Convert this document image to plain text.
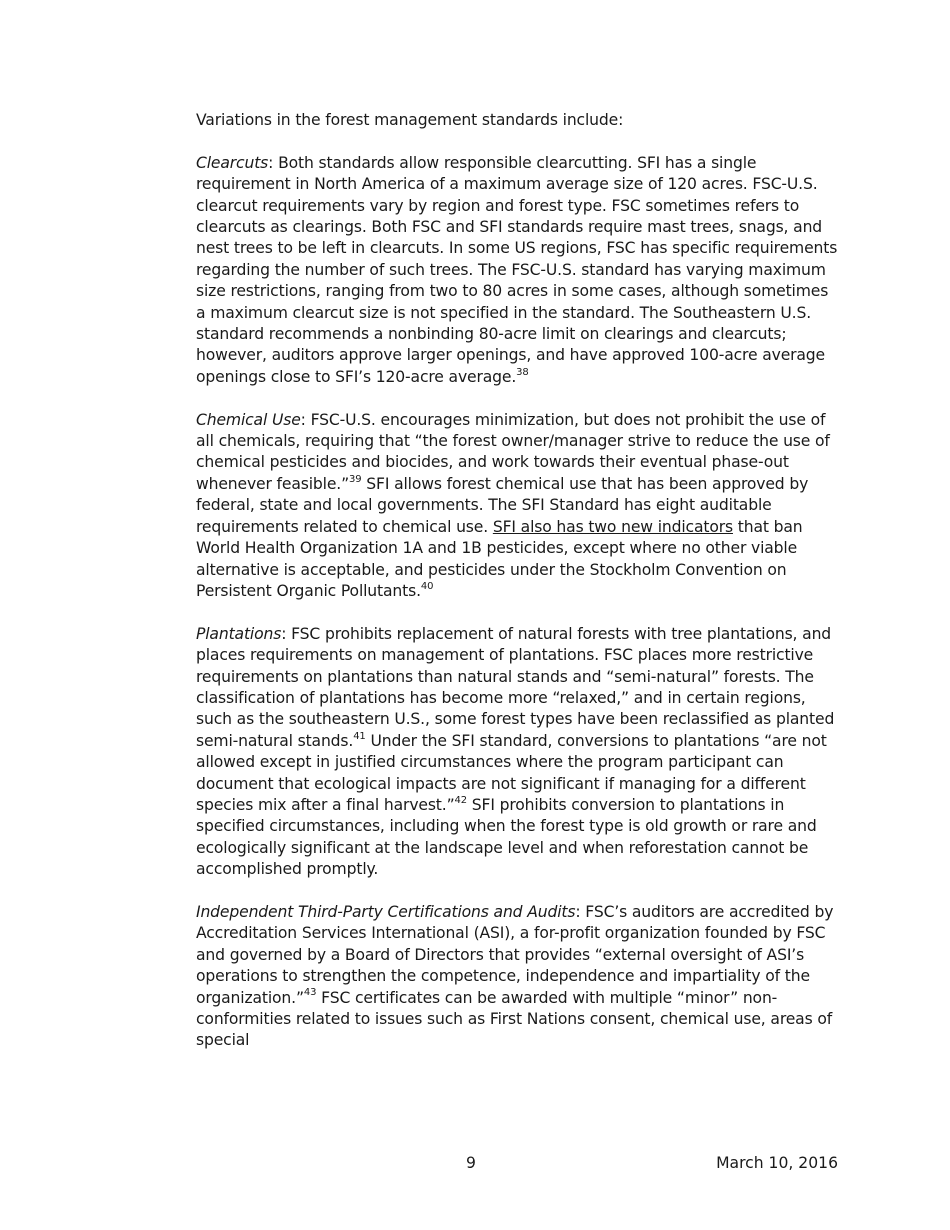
Variations in the forest management standards include:

Clearcuts: Both standards allow responsible clearcutting. SFI has a single requirement in North America of a maximum average size of 120 acres. FSC-U.S. clearcut requirements vary by region and forest type. FSC sometimes refers to clearcuts as clearings. Both FSC and SFI standards require mast trees, snags, and nest trees to be left in clearcuts. In some US regions, FSC has specific requirements regarding the number of such trees. The FSC-U.S. standard has varying maximum size restrictions, ranging from two to 80 acres in some cases, although sometimes a maximum clearcut size is not specified in the standard. The Southeastern U.S. standard recommends a nonbinding 80-acre limit on clearings and clearcuts; however, auditors approve larger openings, and have approved 100-acre average openings close to SFI’s 120-acre average.$^{38}$

Chemical Use: FSC-U.S. encourages minimization, but does not prohibit the use of all chemicals, requiring that “the forest owner/manager strive to reduce the use of chemical pesticides and biocides, and work towards their eventual phase-out whenever feasible.”$^{39}$ SFI allows forest chemical use that has been approved by federal, state and local governments. The SFI Standard has eight auditable requirements related to chemical use. SFI also has two new indicators that ban World Health Organization 1A and 1B pesticides, except where no other viable alternative is acceptable, and pesticides under the Stockholm Convention on Persistent Organic Pollutants.$^{40}$

Plantations: FSC prohibits replacement of natural forests with tree plantations, and places requirements on management of plantations. FSC places more restrictive requirements on plantations than natural stands and “semi-natural” forests. The classification of plantations has become more “relaxed,” and in certain regions, such as the southeastern U.S., some forest types have been reclassified as planted semi-natural stands.$^{41}$ Under the SFI standard, conversions to plantations “are not allowed except in justified circumstances where the program participant can document that ecological impacts are not significant if managing for a different species mix after a final harvest.”$^{42}$ SFI prohibits conversion to plantations in specified circumstances, including when the forest type is old growth or rare and ecologically significant at the landscape level and when reforestation cannot be accomplished promptly.

Independent Third-Party Certifications and Audits: FSC’s auditors are accredited by Accreditation Services International (ASI), a for-profit organization founded by FSC and governed by a Board of Directors that provides “external oversight of ASI’s operations to strengthen the competence, independence and impartiality of the organization.”$^{43}$ FSC certificates can be awarded with multiple “minor” non-conformities related to issues such as First Nations consent, chemical use, areas of special

9	March 10, 2016
